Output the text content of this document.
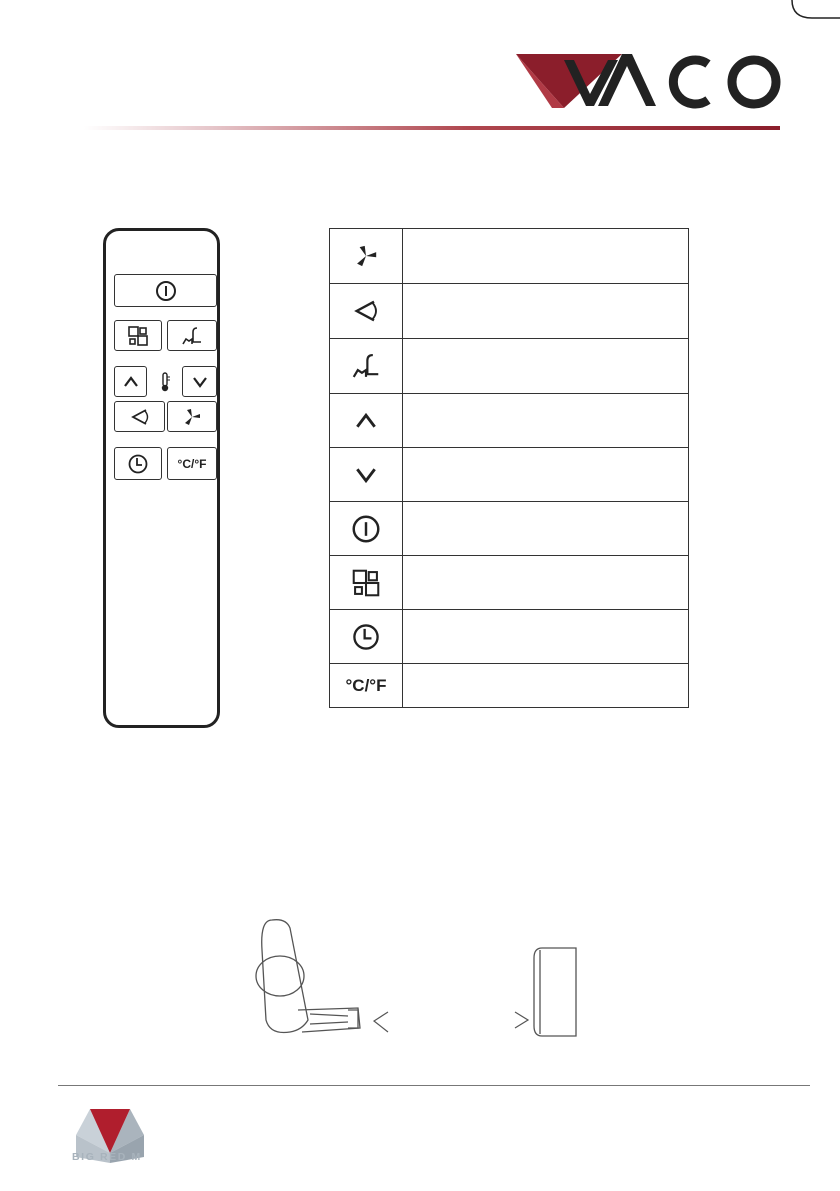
°C/°F
°C/°F
BIG RED M
